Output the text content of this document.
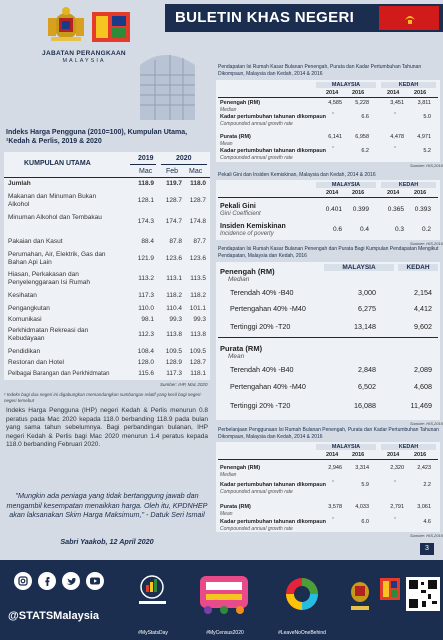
JABATAN PERANGKAAN
MALAYSIA
BULETIN KHAS NEGERI
Indeks Harga Pengguna (2010=100), Kumpulan Utama, ¹Kedah & Perlis, 2019 & 2020
KUMPULAN UTAMA
2019	2020
Mac Feb Mac
Jumlah	118.9	119.7	118.0
Makanan dan Minuman Bukan Alkohol
128.1	128.7	128.7
Minuman Alkohol dan Tembakau
174.3	174.7	174.8
Pakaian dan Kasut	88.4	87.8	87.7
Perumahan, Air, Elektrik, Gas dan Bahan Api Lain
121.9	123.6	123.6
Hiasan, Perkakasan dan Penyelenggaraan Isi Rumah
113.2	113.1	113.5
Kesihatan	117.3	118.2	118.2
Pengangkutan	110.0	110.4	101.1
Komunikasi	98.1	99.3	99.3
Perkhidmatan Rekreasi dan Kebudayaan
112.3	113.8	113.8
Pendidikan	108.4	109.5	109.5
Restoran dan Hotel	128.0	128.9	128.7
Pelbagai Barangan dan Perkhidmatan	115.6	117.3	118.1
Sumber: IHP, Mac 2020
¹ Indeks bagi dua negeri ini digabungkan memandangkan sumbangan relatif yang kecil bagi negeri-negeri tersebut
Indeks Harga Pengguna (IHP) negeri Kedah & Perlis menurun 0.8 peratus pada Mac 2020 kepada 118.0 berbanding 118.9 pada bulan yang sama tahun sebelumnya. Bagi perbandingan bulanan, IHP negeri Kedah & Perlis bagi Mac 2020 menurun 1.4 peratus kepada 118.0 berbanding Februari 2020.
"Mungkin ada peniaga yang tidak bertanggung jawab dan mengambil kesempatan menaikkan harga. Oleh itu, KPDNHEP akan laksanakan Skim Harga Maksimum," - Datuk Seri Ismail
Sabri Yaakob, 12 April 2020
Pendapatan Isi Rumah Kasar Bulanan Penengah, Purata dan Kadar Pertumbuhan Tahunan Dikompaun, Malaysia dan Kedah, 2014 & 2016
MALAYSIA	KEDAH
2014	2016	2014	2016
Penengah (RM)
Median
4,585	5,228	3,451	3,811
Kadar pertumbuhan tahunan dikompaun
Compounded annual growth rate
˝	6.6	˝	5.0
Purata (RM)
Mean
6,141	6,958	4,478	4,971
Kadar pertumbuhan tahunan dikompaun
Compounded annual growth rate
˝	6.2	˝	5.2
Sumber: HIS,2016
Pekali Gini dan Insiden Kemiskinan, Malaysia dan Kedah, 2014 & 2016
MALAYSIA	KEDAH
2014	2016	2014	2016
Pekali Gini
Gini Coefficient
0.401	0.399	0.365	0.393
Insiden Kemiskinan
Incidence of poverty
0.6	0.4	0.3	0.2
Sumber: HIS,2016
Pendapatan Isi Rumah Kasar Bulanan Penengah dan Purata Bagi Kumpulan Pendapatan Mengikut Pendapatan, Malaysia dan Kedah, 2016
MALAYSIA	KEDAH
Penengah (RM)
Median
Terendah 40% -B40	3,000	2,154
Pertengahan 40% -M40	6,275	4,412
Tertinggi 20% -T20	13,148	9,602
Purata (RM)
Mean
Terendah 40% -B40	2,848	2,089
Pertengahan 40% -M40	6,502	4,608
Tertinggi 20% -T20	16,088	11,469
Sumber: HIS,2016
Perbelanjaan Penggunaan Isi Rumah Bulanan Penengah, Purata dan Kadar Pertumbuhan Tahunan Dikompaun, Malaysia dan Kedah, 2014 & 2016
MALAYSIA	KEDAH
2014	2016	2014	2016
Penengah (RM)
Median
2,946	3,314	2,320	2,423
Kadar pertumbuhan tahunan dikompaun
Compounded annual growth rate
˝	5.9	˝	2.2
Purata (RM)
Mean
3,578	4,033	2,791	3,061
Kadar pertumbuhan tahunan dikompaun
Compounded annual growth rate
˝	6.0	˝	4.6
Sumber: HIS,2016
3
@STATSMalaysia
#MyStatsDay	#MyCensus2020	#LeaveNoOneBehind
